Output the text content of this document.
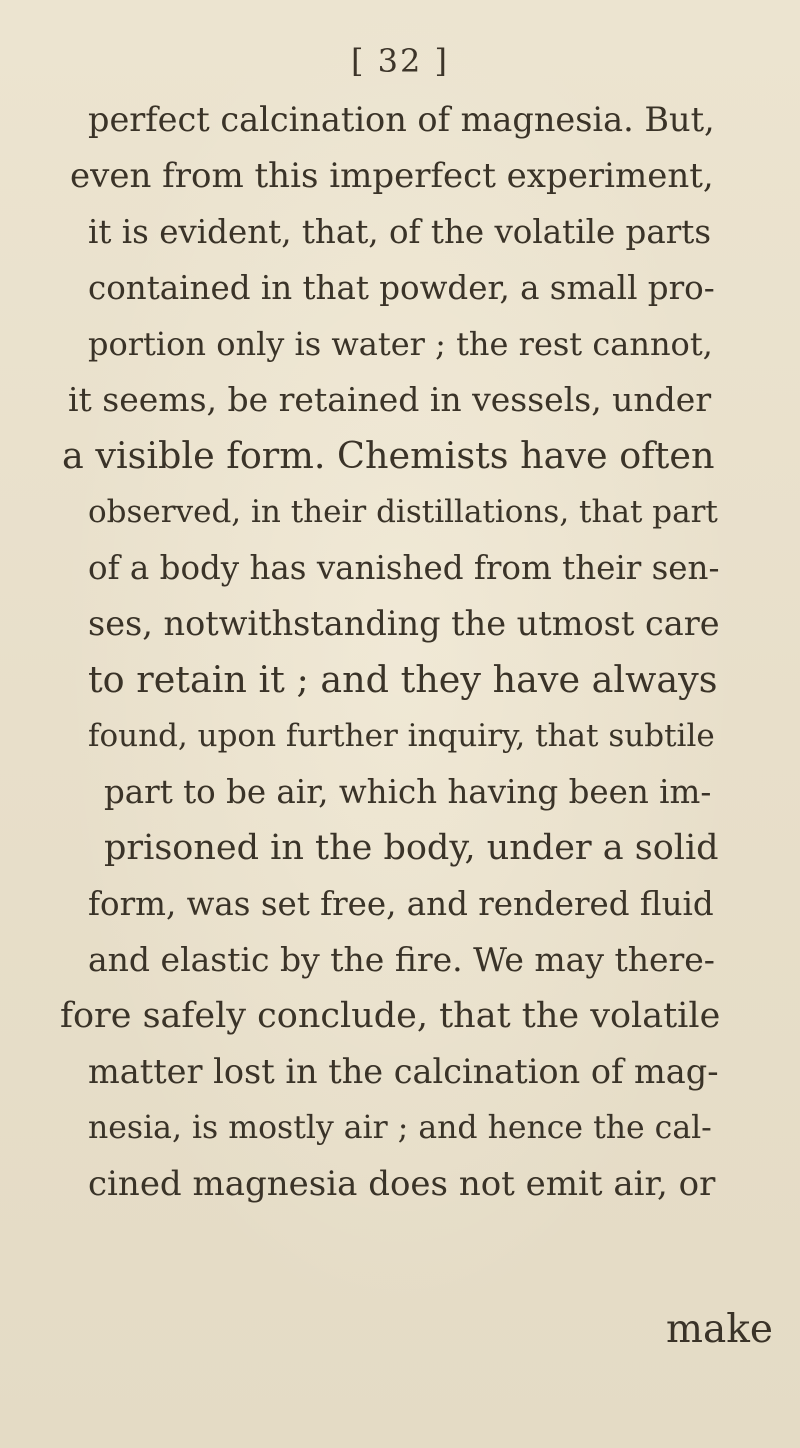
[ 32 ]
perfect calcination of magnesia. But,
even from this imperfect experiment,
it is evident, that, of the volatile parts
contained in that powder, a small pro-
portion only is water ; the rest cannot,
it seems, be retained in vessels, under
a visible form. Chemists have often
observed, in their distillations, that part
of a body has vanished from their sen-
ses, notwithstanding the utmost care
to retain it ; and they have always
found, upon further inquiry, that subtile
part to be air, which having been im-
prisoned in the body, under a solid
form, was set free, and rendered fluid
and elastic by the fire. We may there-
fore safely conclude, that the volatile
matter lost in the calcination of mag-
nesia, is mostly air ; and hence the cal-
cined magnesia does not emit air, or
make
